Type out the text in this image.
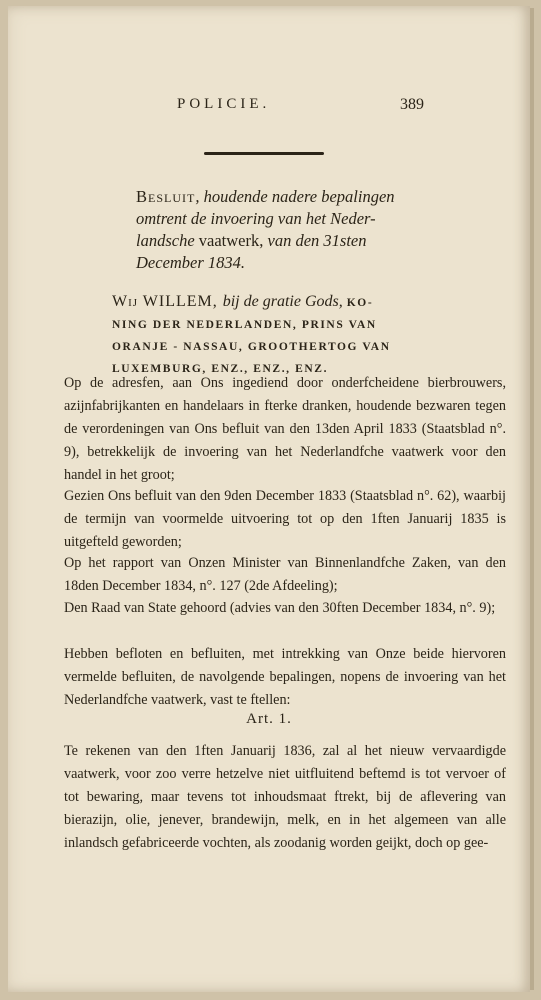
POLICIE.	389
Besluit, houdende nadere bepalingen
omtrent de invoering van het Neder-
landsche vaatwerk, van den 31sten
December 1834.
Wij WILLEM, bij de gratie Gods, KO-
NING DER NEDERLANDEN, PRINS VAN
ORANJE - NASSAU, GROOTHERTOG VAN
LUXEMBURG, ENZ., ENZ., ENZ.

Op de adresfen, aan Ons ingediend door onderfcheidene bierbrouwers, azijnfabrijkanten en handelaars in fterke dranken, houdende bezwaren tegen de verordeningen van Ons befluit van den 13den April 1833 (Staatsblad n°. 9), betrekkelijk de invoering van het Nederlandfche vaatwerk voor den handel in het groot;

Gezien Ons befluit van den 9den December 1833 (Staatsblad n°. 62), waarbij de termijn van voormelde uitvoering tot op den 1ften Januarij 1835 is uitgefteld geworden;

Op het rapport van Onzen Minister van Binnenlandfche Zaken, van den 18den December 1834, n°. 127 (2de Afdeeling);

Den Raad van State gehoord (advies van den 30ften December 1834, n°. 9);

Hebben befloten en befluiten, met intrekking van Onze beide hiervoren vermelde befluiten, de navolgende bepalingen, nopens de invoering van het Nederlandfche vaatwerk, vast te ftellen:

Art. 1.

Te rekenen van den 1ften Januarij 1836, zal al het nieuw vervaardigde vaatwerk, voor zoo verre hetzelve niet uitfluitend beftemd is tot vervoer of tot bewaring, maar tevens tot inhoudsmaat ftrekt, bij de aflevering van bierazijn, olie, jenever, brandewijn, melk, en in het algemeen van alle inlandsch gefabriceerde vochten, als zoodanig worden geijkt, doch op gee-
